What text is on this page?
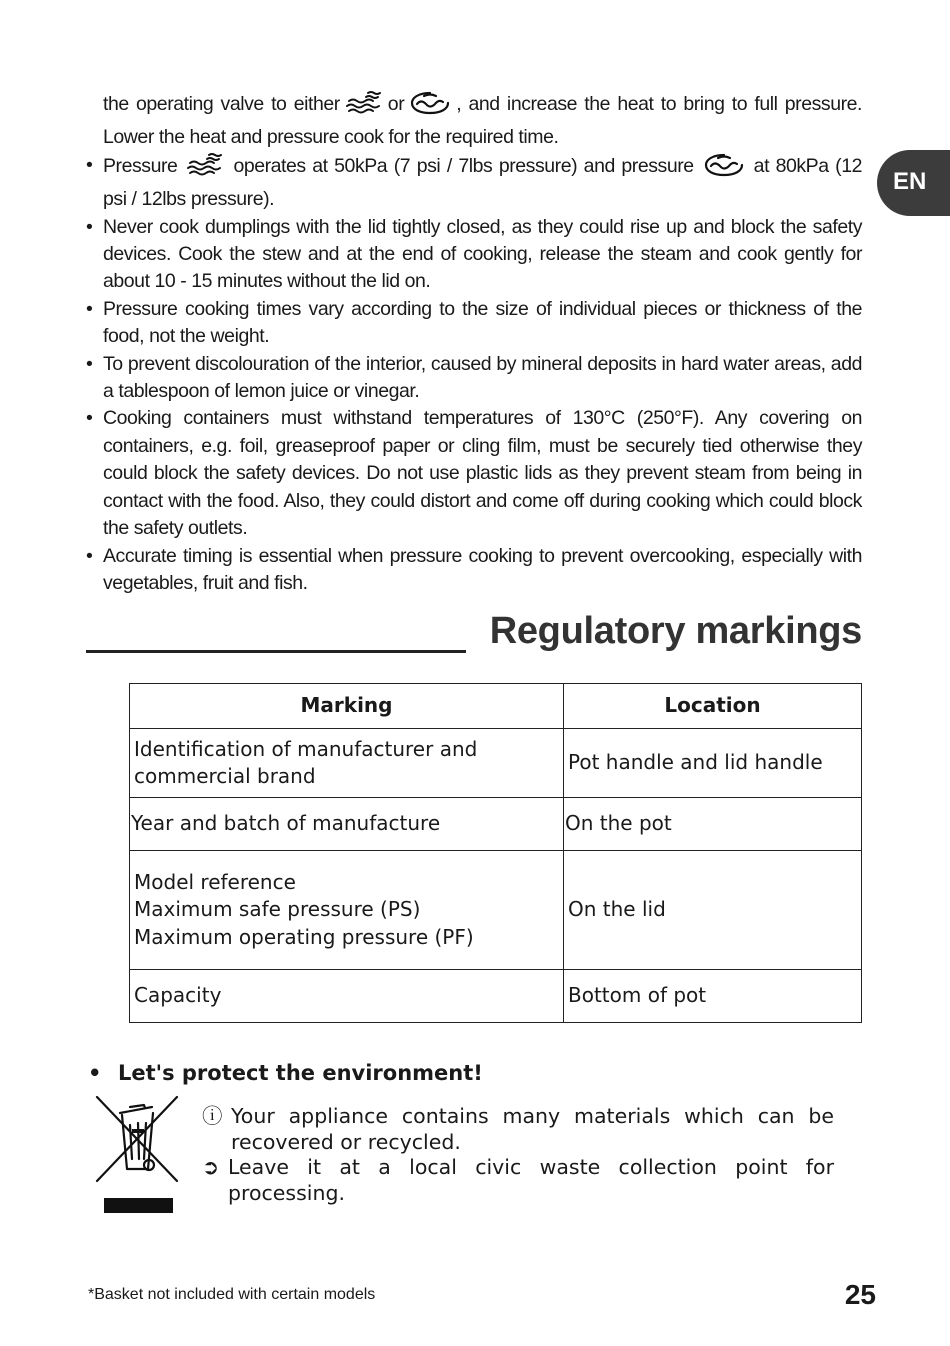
EN

the operating valve to either or	, and increase the heat to bring to full pressure. Lower the heat and pressure cook for the required time.

• Pressure	operates at 50kPa (7 psi / 7lbs pressure) and pressure	at 80kPa (12 psi / 12lbs pressure).
• Never cook dumplings with the lid tightly closed, as they could rise up and block the safety devices. Cook the stew and at the end of cooking, release the steam and cook gently for about 10 - 15 minutes without the lid on.
• Pressure cooking times vary according to the size of individual pieces or thickness of the food, not the weight.
• To prevent discolouration of the interior, caused by mineral deposits in hard water areas, add a tablespoon of lemon juice or vinegar.
• Cooking containers must withstand temperatures of 130°C (250°F). Any covering on containers, e.g. foil, greaseproof paper or cling film, must be securely tied otherwise they could block the safety devices. Do not use plastic lids as they prevent steam from being in contact with the food. Also, they could distort and come off during cooking which could block the safety outlets.
• Accurate timing is essential when pressure cooking to prevent overcooking, especially with vegetables, fruit and fish.
Regulatory markings
Marking	Location

Identification of manufacturer and
commercial brand	Pot handle and lid handle

Year and batch of manufacture	On the pot

Model reference
Maximum safe pressure (PS)
Maximum operating pressure (PF)	On the lid

Capacity	Bottom of pot
• Let's protect the environment!
ⓘ Your appliance contains many materials which can be
recovered or recycled.
➲ Leave it at a local civic waste collection point for processing.
*Basket not included with certain models	25
